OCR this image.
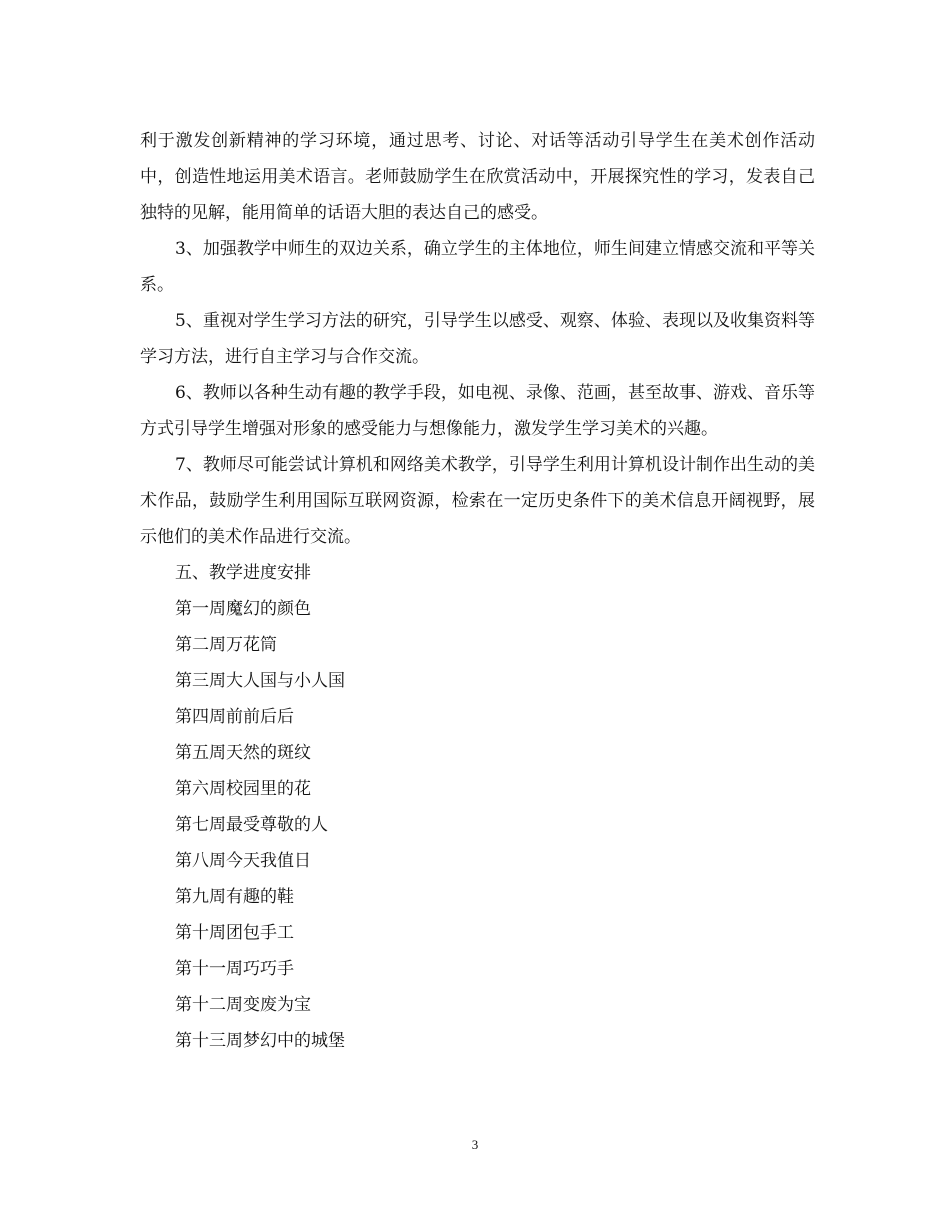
利于激发创新精神的学习环境，通过思考、讨论、对话等活动引导学生在美术创作活动中，创造性地运用美术语言。老师鼓励学生在欣赏活动中，开展探究性的学习，发表自己独特的见解，能用简单的话语大胆的表达自己的感受。

3、加强教学中师生的双边关系，确立学生的主体地位，师生间建立情感交流和平等关系。

5、重视对学生学习方法的研究，引导学生以感受、观察、体验、表现以及收集资料等学习方法，进行自主学习与合作交流。

6、教师以各种生动有趣的教学手段，如电视、录像、范画，甚至故事、游戏、音乐等方式引导学生增强对形象的感受能力与想像能力，激发学生学习美术的兴趣。

7、教师尽可能尝试计算机和网络美术教学，引导学生利用计算机设计制作出生动的美术作品，鼓励学生利用国际互联网资源，检索在一定历史条件下的美术信息开阔视野，展示他们的美术作品进行交流。

五、教学进度安排

第一周魔幻的颜色

第二周万花筒

第三周大人国与小人国

第四周前前后后

第五周天然的斑纹

第六周校园里的花

第七周最受尊敬的人

第八周今天我值日

第九周有趣的鞋

第十周团包手工

第十一周巧巧手

第十二周变废为宝

第十三周梦幻中的城堡

3
